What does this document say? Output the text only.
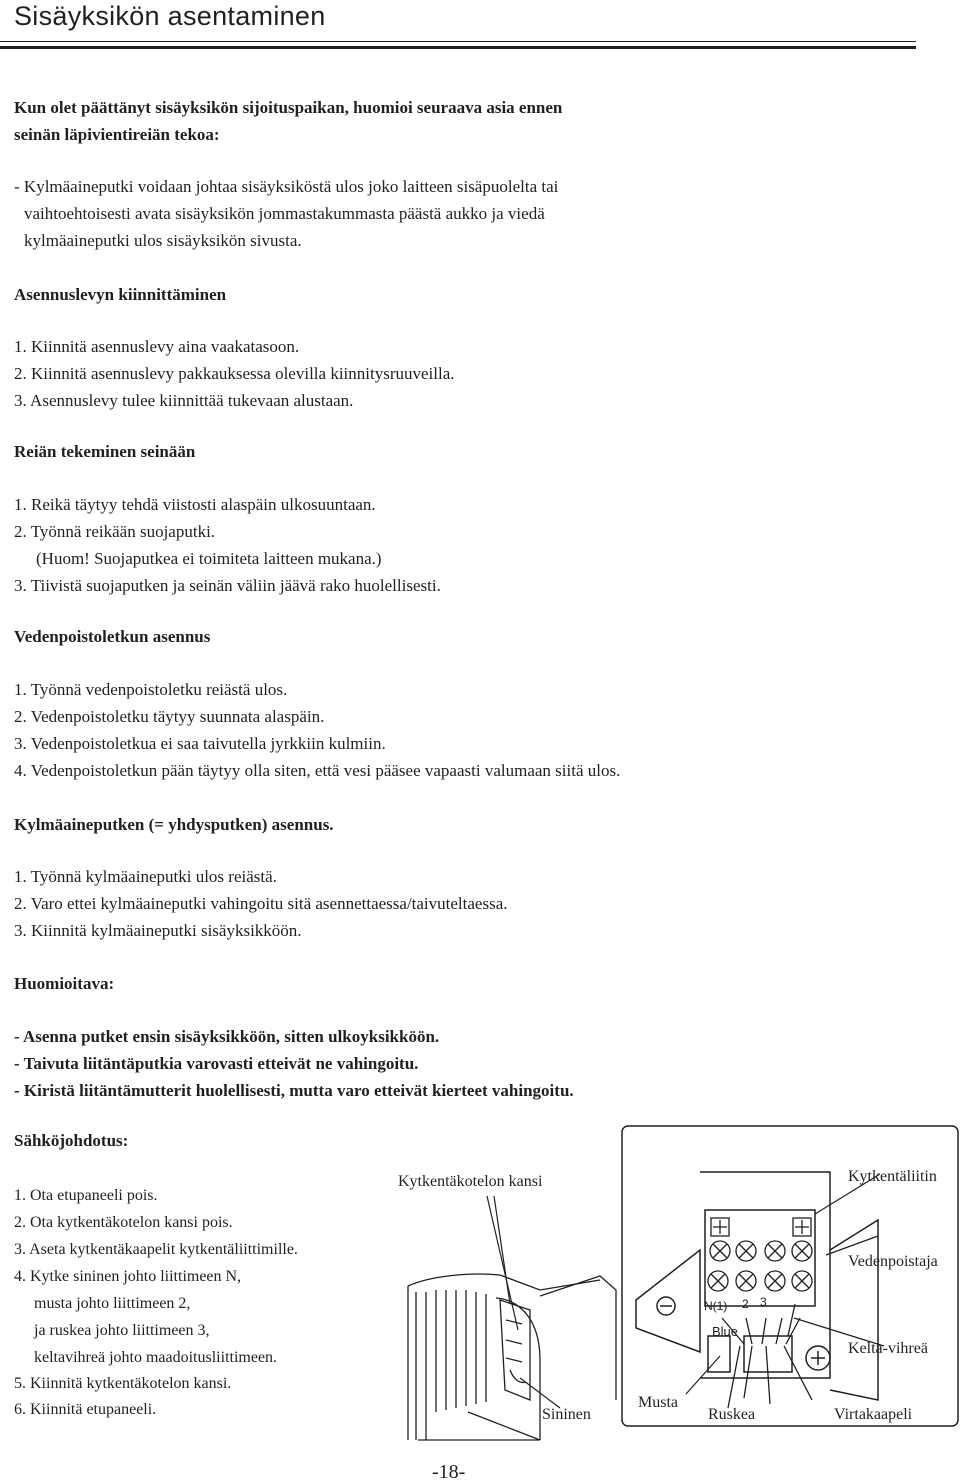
Sisäyksikön asentaminen
Kun olet päättänyt sisäyksikön sijoituspaikan, huomioi seuraava asia ennen
seinän läpivientireiän tekoa:
- Kylmäaineputki voidaan johtaa sisäyksiköstä ulos joko laitteen sisäpuolelta tai
vaihtoehtoisesti avata sisäyksikön jommastakummasta päästä aukko ja viedä
kylmäaineputki ulos sisäyksikön sivusta.
Asennuslevyn kiinnittäminen
1. Kiinnitä asennuslevy aina vaakatasoon.
2. Kiinnitä asennuslevy pakkauksessa olevilla kiinnitysruuveilla.
3. Asennuslevy tulee kiinnittää tukevaan alustaan.
Reiän tekeminen seinään
1. Reikä täytyy tehdä viistosti alaspäin ulkosuuntaan.
2. Työnnä reikään suojaputki.
(Huom! Suojaputkea ei toimiteta laitteen mukana.)
3. Tiivistä suojaputken ja seinän väliin jäävä rako huolellisesti.
Vedenpoistoletkun asennus
1. Työnnä vedenpoistoletku reiästä ulos.
2. Vedenpoistoletku täytyy suunnata alaspäin.
3. Vedenpoistoletkua ei saa taivutella jyrkkiin kulmiin.
4. Vedenpoistoletkun pään täytyy olla siten, että vesi pääsee vapaasti valumaan siitä ulos.
Kylmäaineputken (= yhdysputken) asennus.
1. Työnnä kylmäaineputki ulos reiästä.
2. Varo ettei kylmäaineputki vahingoitu sitä asennettaessa/taivuteltaessa.
3. Kiinnitä kylmäaineputki sisäyksikköön.
Huomioitava:
- Asenna putket ensin sisäyksikköön, sitten ulkoyksikköön.
- Taivuta liitäntäputkia varovasti etteivät ne vahingoitu.
- Kiristä liitäntämutterit huolellisesti, mutta varo etteivät kierteet vahingoitu.
Sähköjohdotus:
1. Ota etupaneeli pois.
2. Ota kytkentäkotelon kansi pois.
3. Aseta kytkentäkaapelit kytkentäliittimille.
4. Kytke sininen johto liittimeen N,
musta johto liittimeen 2,
ja ruskea johto liittimeen 3,
keltavihreä johto maadoitusliittimeen.
5. Kiinnitä kytkentäkotelon kansi.
6. Kiinnitä etupaneeli.
N(1) 2 3
Blue
Kytkentäkotelon kansi	Kytkentäliitin
Vedenpoistaja
Kelta-vihreä
Sininen
Musta
Ruskea	Virtakaapeli
-18-
